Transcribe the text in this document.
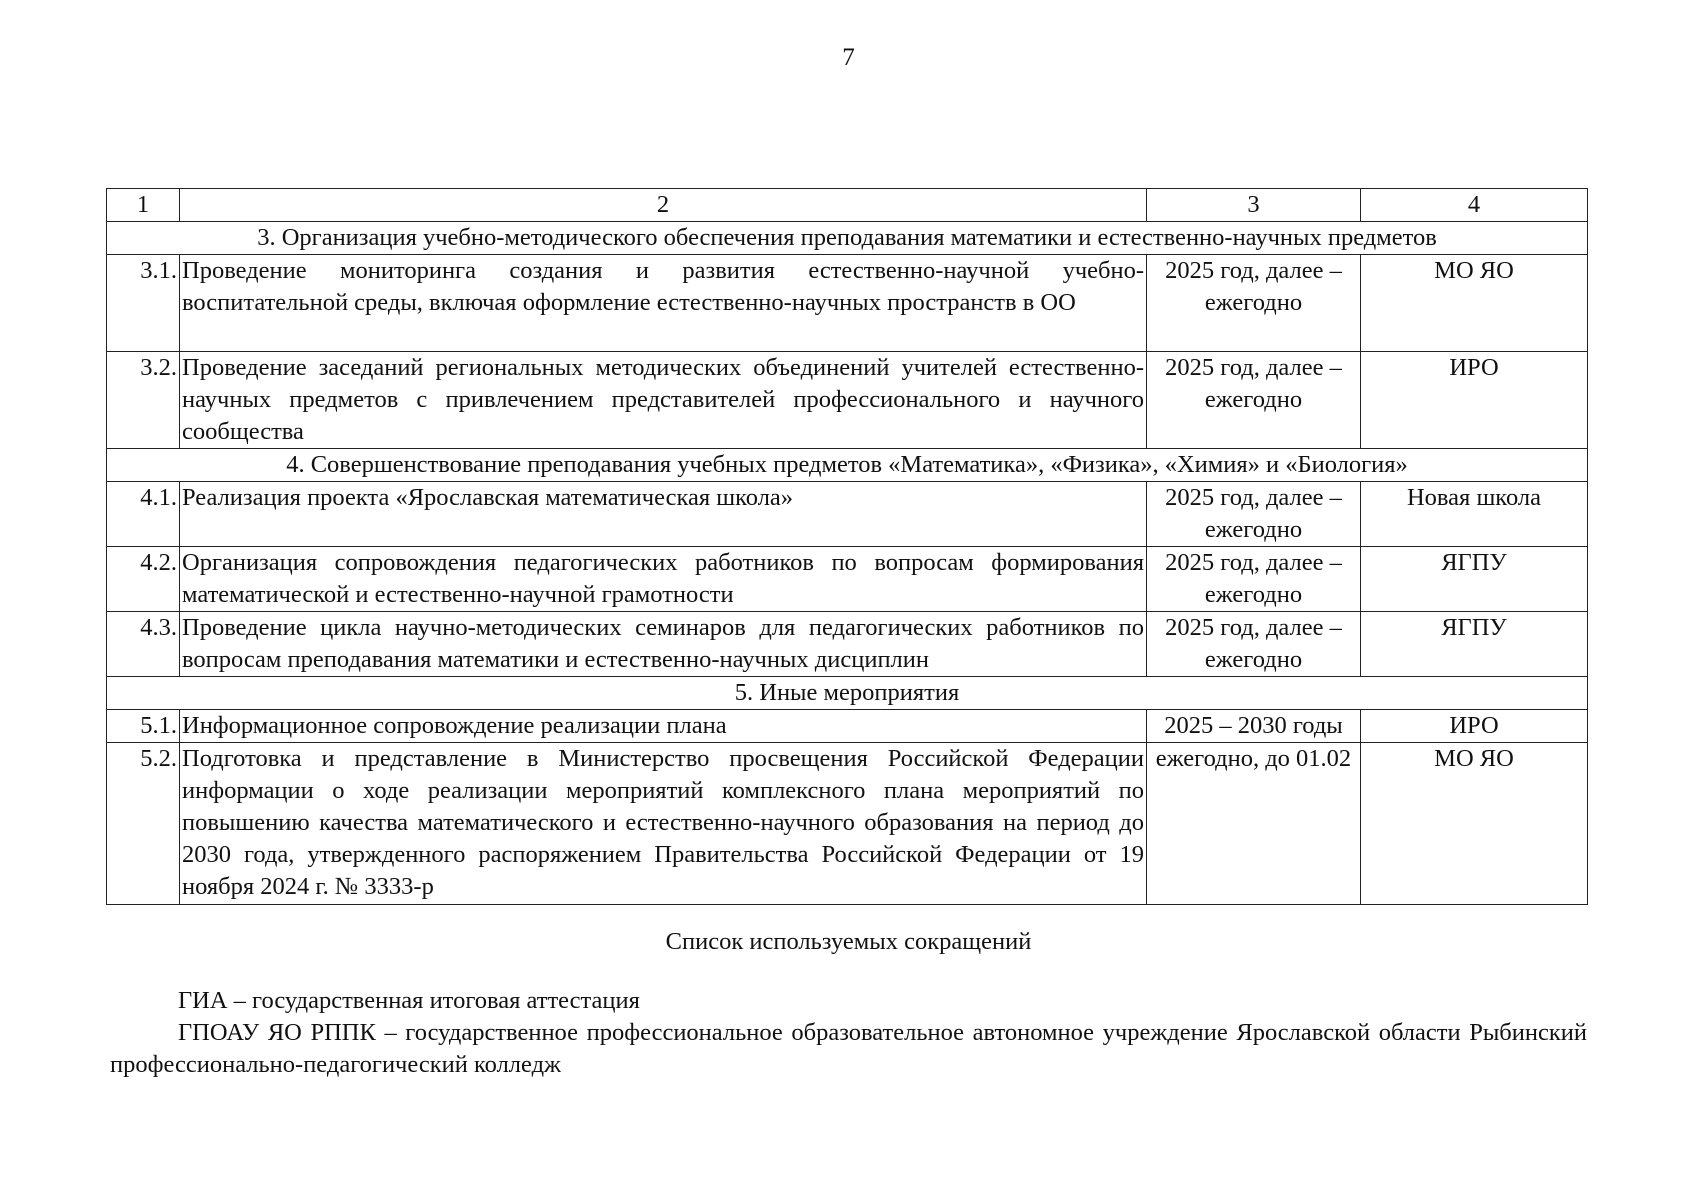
7
1	2	3	4
3. Организация учебно-методического обеспечения преподавания математики и естественно-научных предметов			
3.1.	Проведение мониторинга создания и развития естественно-научной учебно-воспитательной среды, включая оформление естественно-научных пространств в ОО	2025 год, далее – ежегодно	МО ЯО
3.2.	Проведение заседаний региональных методических объединений учителей естественно-научных предметов с привлечением представителей профессионального и научного сообщества	2025 год, далее – ежегодно	ИРО
4. Совершенствование преподавания учебных предметов «Математика», «Физика», «Химия» и «Биология»			
4.1.	Реализация проекта «Ярославская математическая школа»	2025 год, далее – ежегодно	Новая школа
4.2.	Организация сопровождения педагогических работников по вопросам формирования математической и естественно-научной грамотности	2025 год, далее – ежегодно	ЯГПУ
4.3.	Проведение цикла научно-методических семинаров для педагогических работников по вопросам преподавания математики и естественно-научных дисциплин	2025 год, далее – ежегодно	ЯГПУ
5. Иные мероприятия			
5.1.	Информационное сопровождение реализации плана	2025 – 2030 годы	ИРО
5.2.	Подготовка и представление в Министерство просвещения Российской Федерации информации о ходе реализации мероприятий комплексного плана мероприятий по повышению качества математического и естественно-научного образования на период до 2030 года, утвержденного распоряжением Правительства Российской Федерации от 19 ноября 2024 г. № 3333-р	ежегодно, до 01.02	МО ЯО
Список используемых сокращений
ГИА – государственная итоговая аттестация
ГПОАУ ЯО РППК – государственное профессиональное образовательное автономное учреждение Ярославской области Рыбинский профессионально-педагогический колледж
